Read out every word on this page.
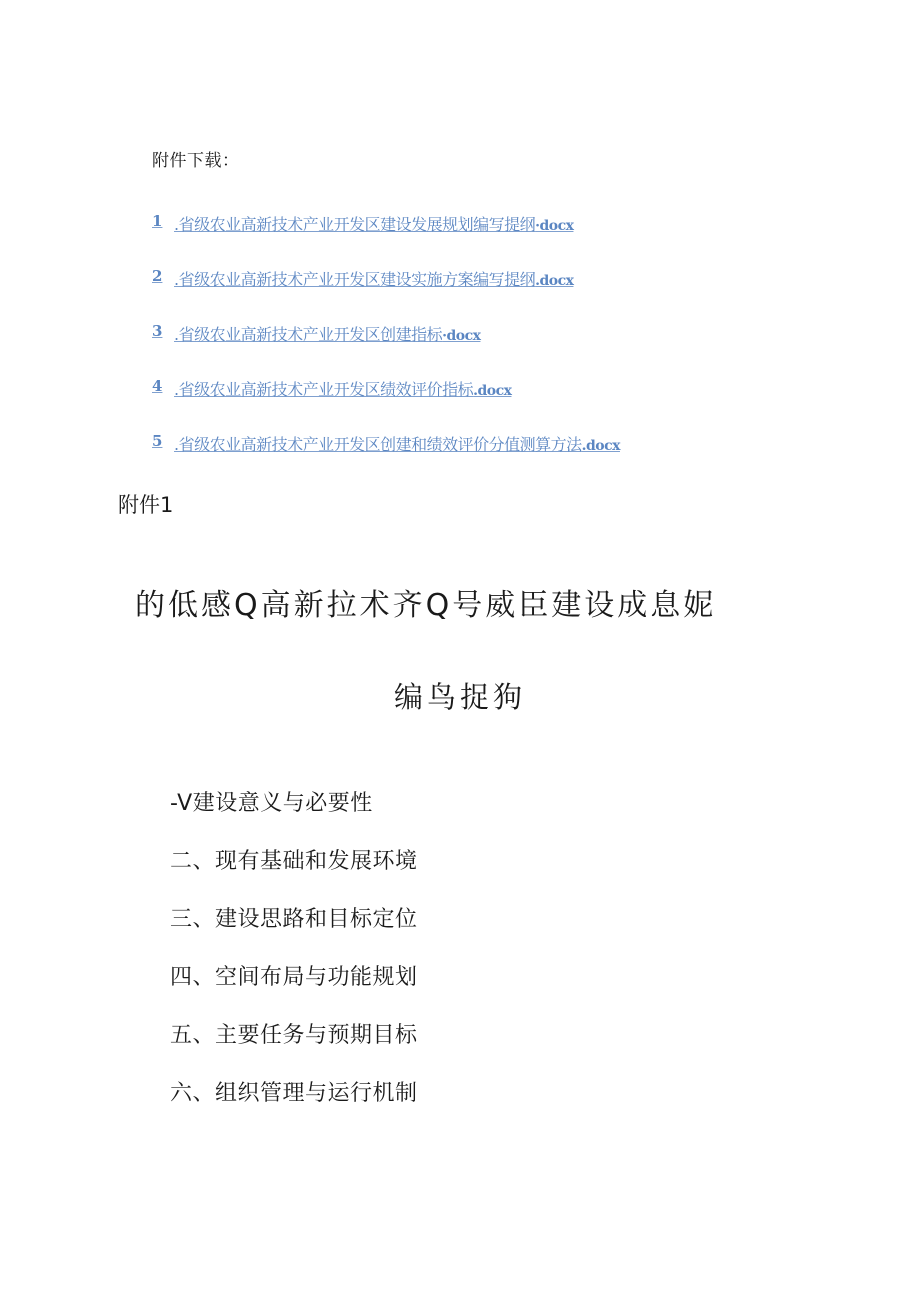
附件下载：
1 .省级农业高新技术产业开发区建设发展规划编写提纲·docx
2 .省级农业高新技术产业开发区建设实施方案编写提纲.docx
3 .省级农业高新技术产业开发区创建指标·docx
4 .省级农业高新技术产业开发区绩效评价指标.docx
5 .省级农业高新技术产业开发区创建和绩效评价分值测算方法.docx
附件1
的低感Q高新拉术齐Q号威臣建设成息妮
编鸟捉狗
-V建设意义与必要性
二、现有基础和发展环境
三、建设思路和目标定位
四、空间布局与功能规划
五、主要任务与预期目标
六、组织管理与运行机制
